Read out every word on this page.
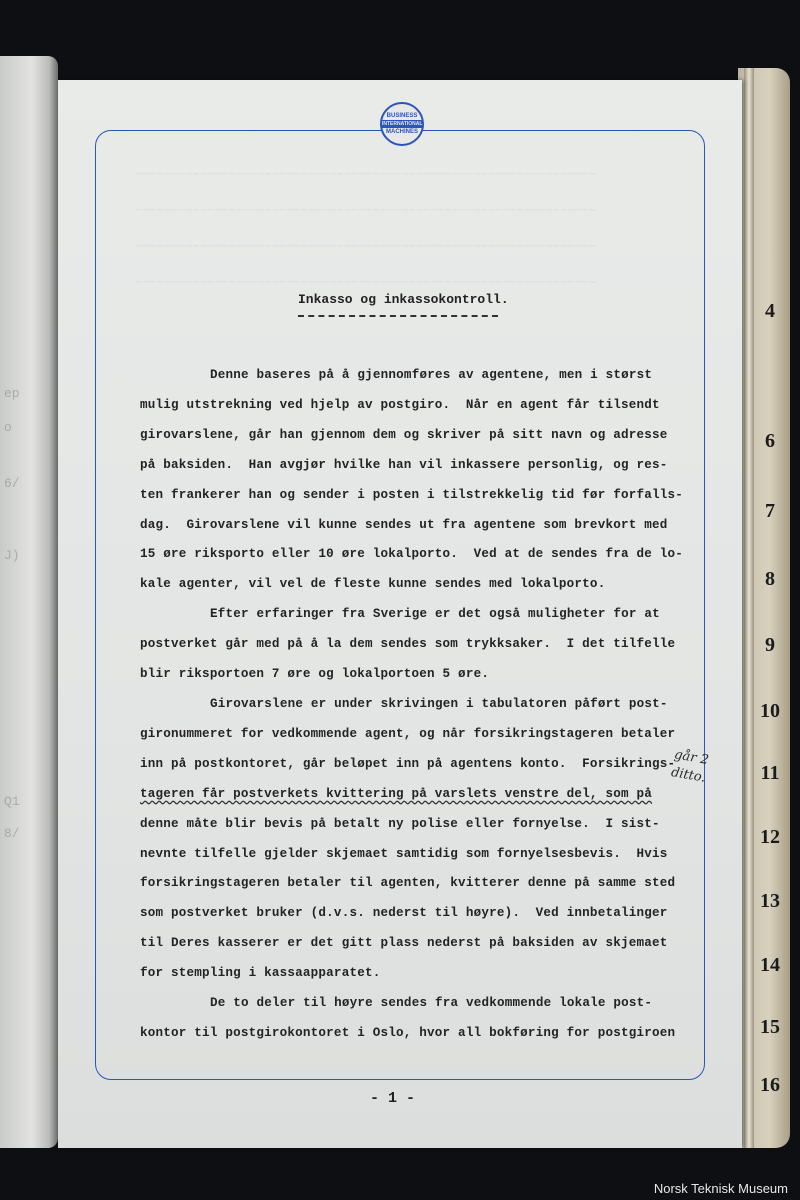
ep
o
6/
J)
Q1
8/
4
6
7
8
9
10
11
12
13
14
15
16
BUSINESS
INTERNATIONAL
MACHINES
~~~~~~~~~~~~~~~~~~~~~~~~~~~~~~~~~~~~~~~~~~~~~~~~~~~~~~~~~~~~~~~~
~~~~~~~~~~~~~~~~~~~~~~~~~~~~~~~~~~~~~~~~~~~~~~~~~~~~~~~~~~~~~~~~
~~~~~~~~~~~~~~~~~~~~~~~~~~~~~~~~~~~~~~~~~~~~~~~~~~~~~~~~~~~~~~~~
~~~~~~~~~~~~~~~~~~~~~~~~~~~~~~~~~~~~~~~~~~~~~~~~~~~~~~~~~~~~~~~~
Inkasso og inkassokontroll.
Denne baseres på å gjennomføres av agentene, men i størst
mulig utstrekning ved hjelp av postgiro.  Når en agent får tilsendt
girovarslene, går han gjennom dem og skriver på sitt navn og adresse
på baksiden.  Han avgjør hvilke han vil inkassere personlig, og res-
ten frankerer han og sender i posten i tilstrekkelig tid før forfalls-
dag.  Girovarslene vil kunne sendes ut fra agentene som brevkort med
15 øre riksporto eller 10 øre lokalporto.  Ved at de sendes fra de lo-
kale agenter, vil vel de fleste kunne sendes med lokalporto.
Efter erfaringer fra Sverige er det også muligheter for at
postverket går med på å la dem sendes som trykksaker.  I det tilfelle
blir riksportoen 7 øre og lokalportoen 5 øre.
Girovarslene er under skrivingen i tabulatoren påført post-
gironummeret for vedkommende agent, og når forsikringstageren betaler
inn på postkontoret, går beløpet inn på agentens konto.  Forsikrings-
tageren får postverkets kvittering på varslets venstre del, som på
denne måte blir bevis på betalt ny polise eller fornyelse.  I sist-
nevnte tilfelle gjelder skjemaet samtidig som fornyelsesbevis.  Hvis
forsikringstageren betaler til agenten, kvitterer denne på samme sted
som postverket bruker (d.v.s. nederst til høyre).  Ved innbetalinger
til Deres kasserer er det gitt plass nederst på baksiden av skjemaet
for stempling i kassaapparatet.
De to deler til høyre sendes fra vedkommende lokale post-
kontor til postgirokontoret i Oslo, hvor all bokføring for postgiroen
går 2
ditto.
- 1 -
Norsk Teknisk Museum
